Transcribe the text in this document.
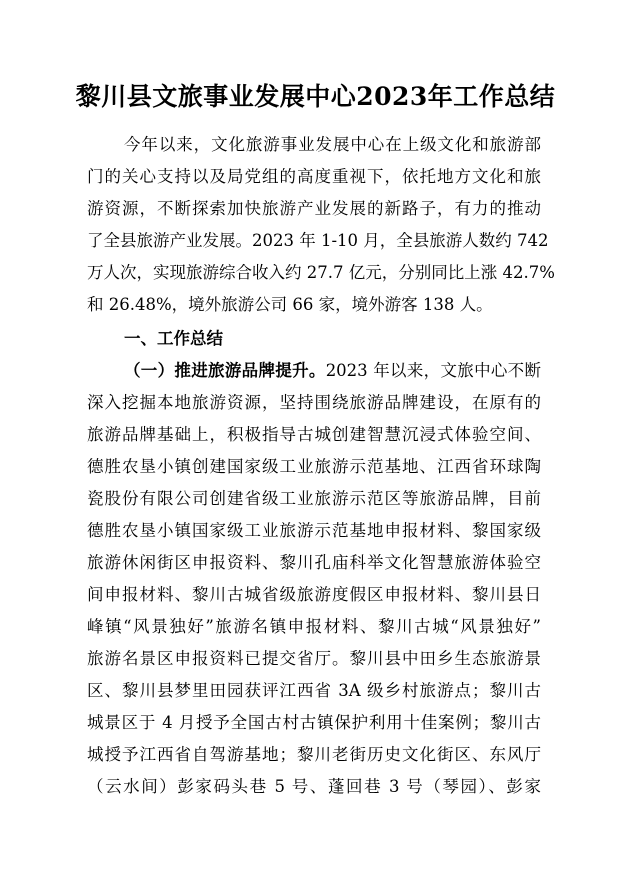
黎川县文旅事业发展中心2023年工作总结
今年以来，文化旅游事业发展中心在上级文化和旅游部
门的关心支持以及局党组的高度重视下，依托地方文化和旅
游资源，不断探索加快旅游产业发展的新路子，有力的推动
了全县旅游产业发展。2023 年 1-10 月，全县旅游人数约 742
万人次，实现旅游综合收入约 27.7 亿元，分别同比上涨 42.7%
和 26.48%，境外旅游公司 66 家，境外游客 138 人。
一、工作总结
（一）推进旅游品牌提升。2023 年以来，文旅中心不断
深入挖掘本地旅游资源，坚持围绕旅游品牌建设，在原有的
旅游品牌基础上，积极指导古城创建智慧沉浸式体验空间、
德胜农垦小镇创建国家级工业旅游示范基地、江西省环球陶
瓷股份有限公司创建省级工业旅游示范区等旅游品牌，目前
德胜农垦小镇国家级工业旅游示范基地申报材料、黎国家级
旅游休闲街区申报资料、黎川孔庙科举文化智慧旅游体验空
间申报材料、黎川古城省级旅游度假区申报材料、黎川县日
峰镇“风景独好”旅游名镇申报材料、黎川古城“风景独好”
旅游名景区申报资料已提交省厅。黎川县中田乡生态旅游景
区、黎川县梦里田园获评江西省 3A 级乡村旅游点；黎川古
城景区于 4 月授予全国古村古镇保护利用十佳案例；黎川古
城授予江西省自驾游基地；黎川老街历史文化街区、东风厅
（云水间）彭家码头巷 5 号、蓬回巷 3 号（琴园）、彭家
